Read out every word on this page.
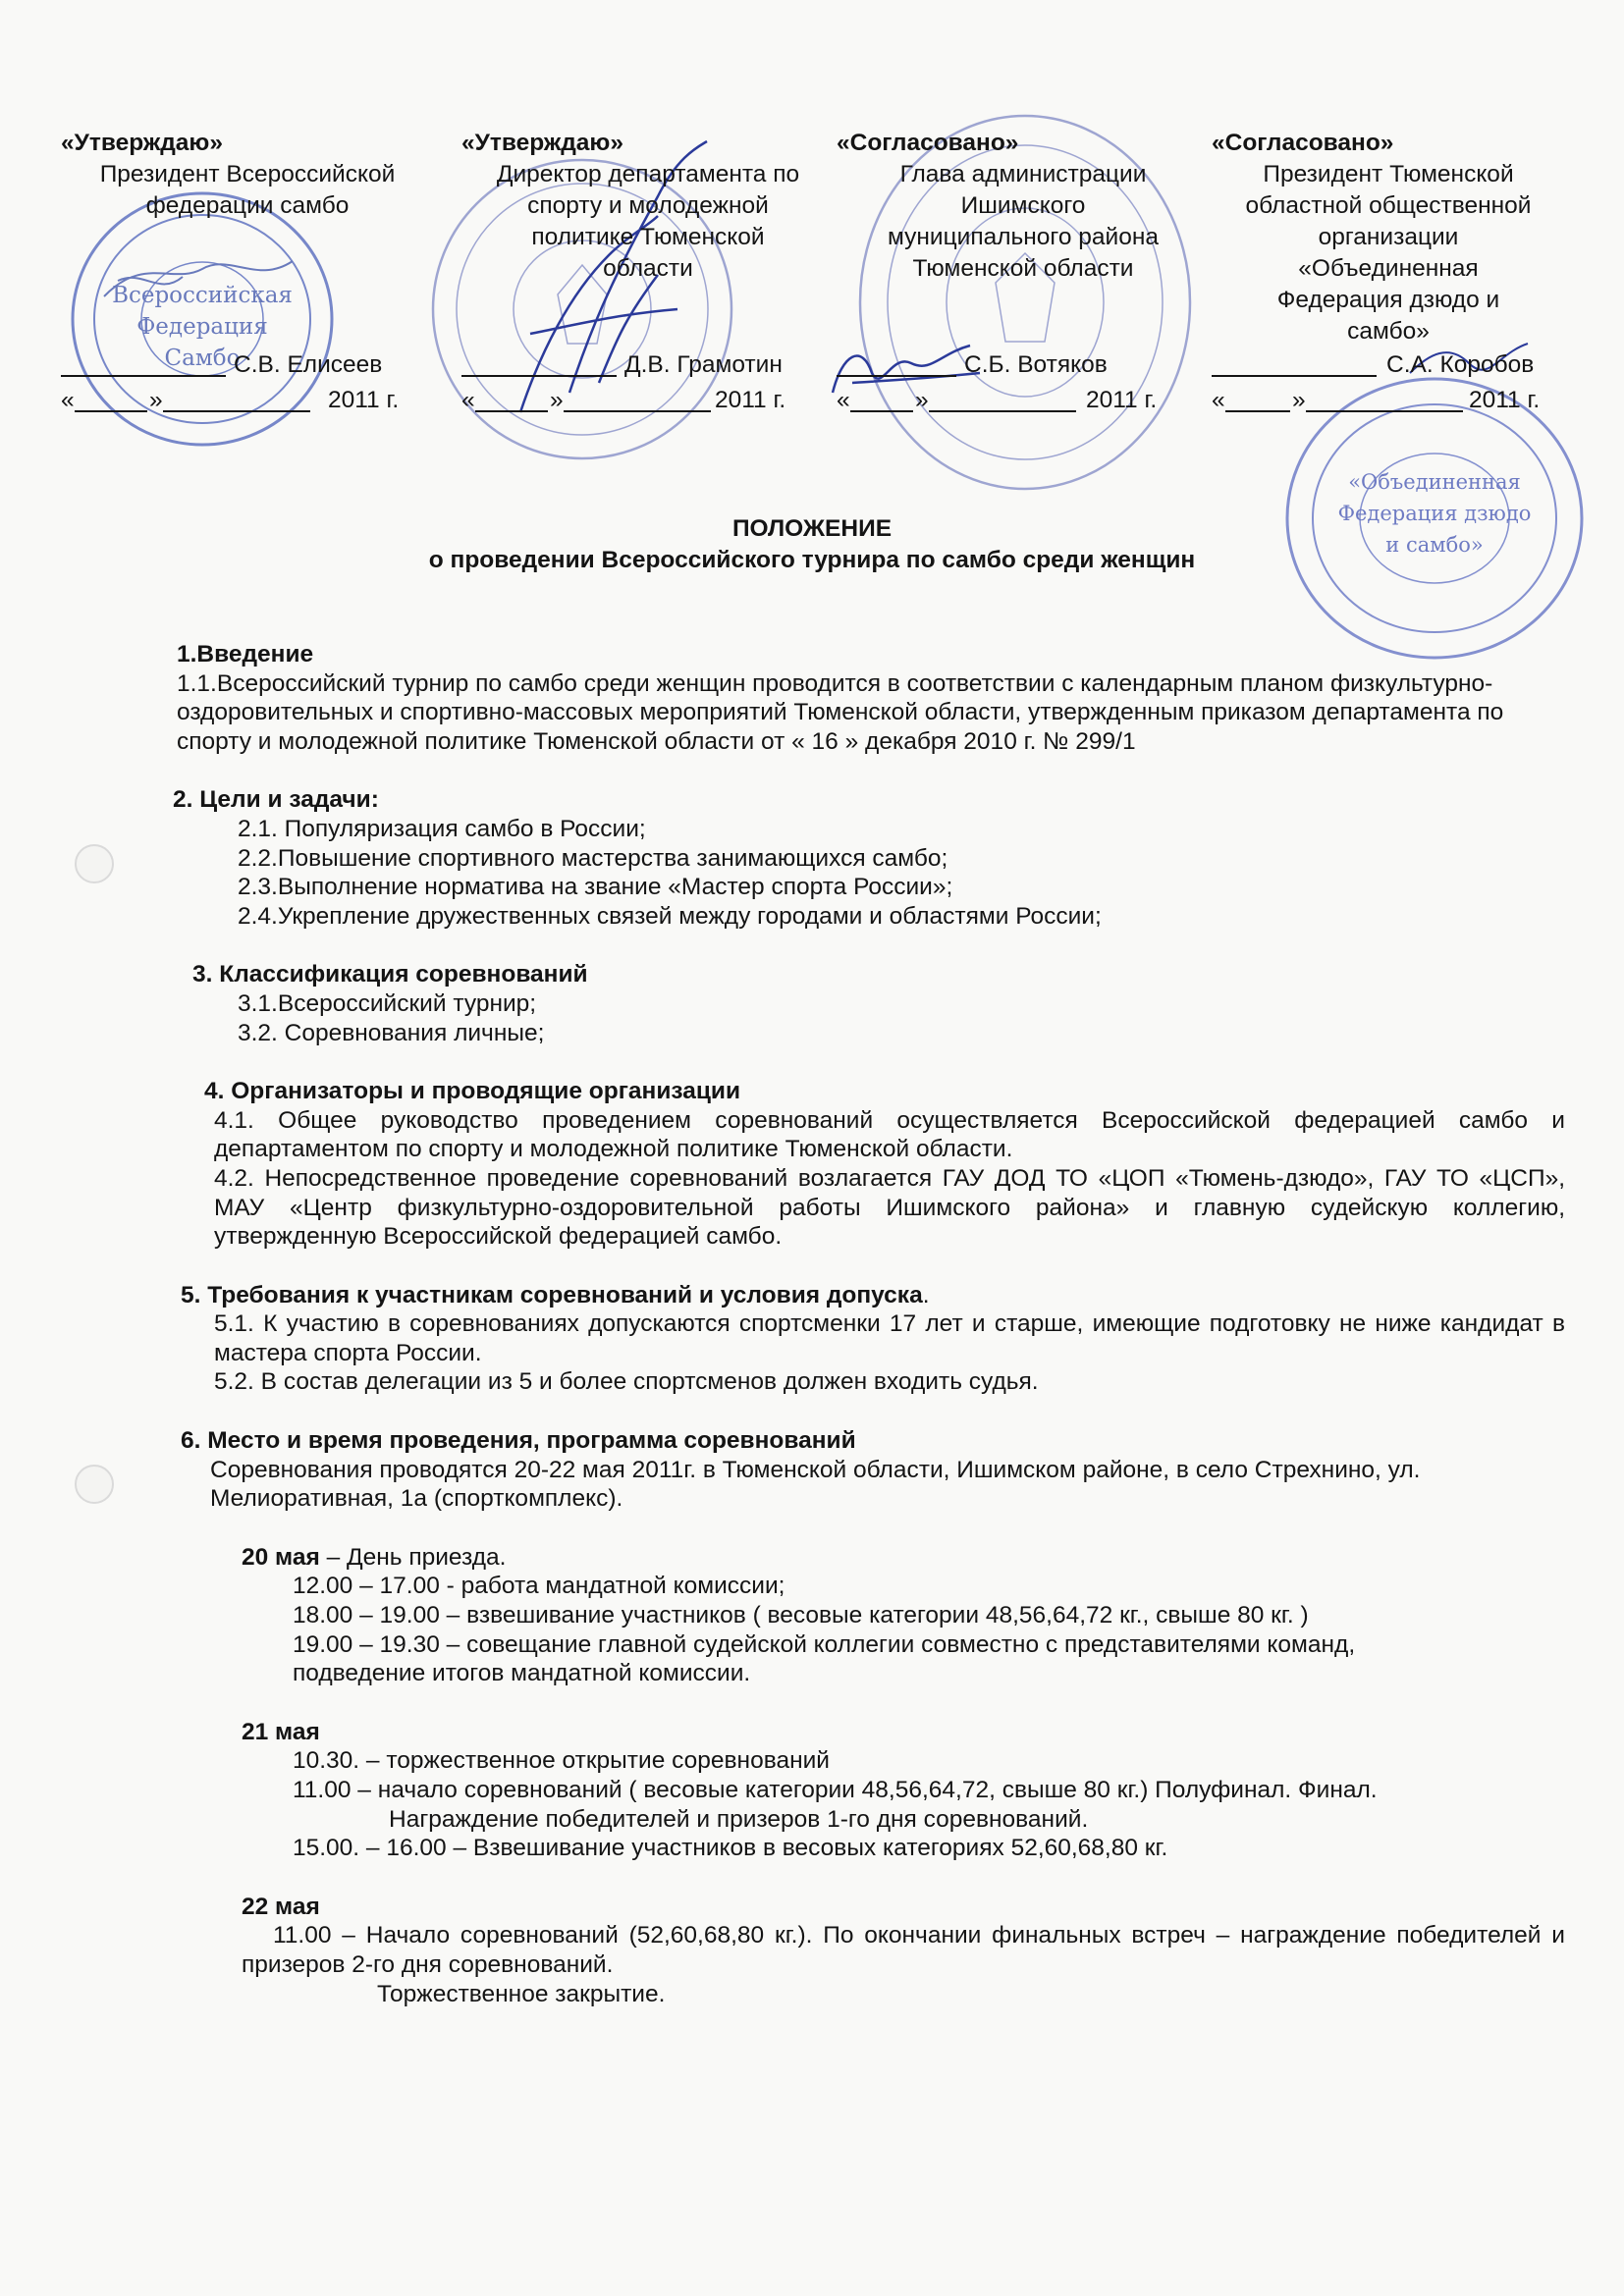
Всероссийская
Федерация
Самбо
«Объединенная
Федерация дзюдо
и самбо»
«Утверждаю»
Президент Всероссийской
федерации самбо
С.В. Елисеев
«	»	2011 г.
«Утверждаю»
Директор департамента по
спорту и молодежной
политике Тюменской
области
Д.В. Грамотин
«	»	2011 г.
«Согласовано»
Глава администрации
Ишимского
муниципального района
Тюменской области
С.Б. Вотяков
«	»	2011 г.
«Согласовано»
Президент Тюменской
областной общественной
организации
«Объединенная
Федерация дзюдо и
самбо»
С.А. Коробов
«	»	2011 г.
ПОЛОЖЕНИЕ
о проведении Всероссийского турнира по самбо среди женщин

1.Введение

1.1.Всероссийский турнир по самбо среди женщин проводится в соответствии с календарным планом физкультурно-оздоровительных и спортивно-массовых мероприятий Тюменской области, утвержденным приказом департамента по спорту и молодежной политике Тюменской области от « 16 » декабря 2010 г. № 299/1

2. Цели и задачи:

2.1. Популяризация самбо в России;

2.2.Повышение спортивного мастерства занимающихся самбо;

2.3.Выполнение норматива на звание «Мастер спорта России»;

2.4.Укрепление дружественных связей между городами и областями России;

3. Классификация соревнований

3.1.Всероссийский турнир;

3.2. Соревнования личные;

4. Организаторы и проводящие организации

4.1. Общее руководство проведением соревнований осуществляется Всероссийской федерацией самбо и департаментом по спорту и молодежной политике Тюменской области.

4.2. Непосредственное проведение соревнований возлагается ГАУ ДОД ТО «ЦОП «Тюмень-дзюдо», ГАУ ТО «ЦСП», МАУ «Центр физкультурно-оздоровительной работы Ишимского района» и главную судейскую коллегию, утвержденную Всероссийской федерацией самбо.

5. Требования к участникам соревнований и условия допуска.

5.1. К участию в соревнованиях допускаются спортсменки 17 лет и старше, имеющие подготовку не ниже кандидат в мастера спорта России.

5.2. В состав делегации из 5 и более спортсменов должен входить судья.

6. Место и время проведения, программа соревнований

Соревнования проводятся 20-22 мая 2011г. в Тюменской области, Ишимском районе, в село Стрехнино, ул. Мелиоративная, 1а (спорткомплекс).

20 мая – День приезда.

12.00 – 17.00 - работа мандатной комиссии;

18.00 – 19.00 – взвешивание участников ( весовые категории 48,56,64,72 кг., свыше 80 кг. )

19.00 – 19.30 – совещание главной судейской коллегии совместно с представителями команд,

подведение итогов мандатной комиссии.

21 мая

10.30. – торжественное открытие соревнований

11.00 – начало соревнований ( весовые категории 48,56,64,72, свыше 80 кг.) Полуфинал. Финал.

Награждение победителей и призеров 1-го дня соревнований.

15.00. – 16.00 – Взвешивание участников в весовых категориях 52,60,68,80 кг.

22 мая

11.00 – Начало соревнований (52,60,68,80 кг.). По окончании финальных встреч – награждение победителей и призеров 2-го дня соревнований.

Торжественное закрытие.
